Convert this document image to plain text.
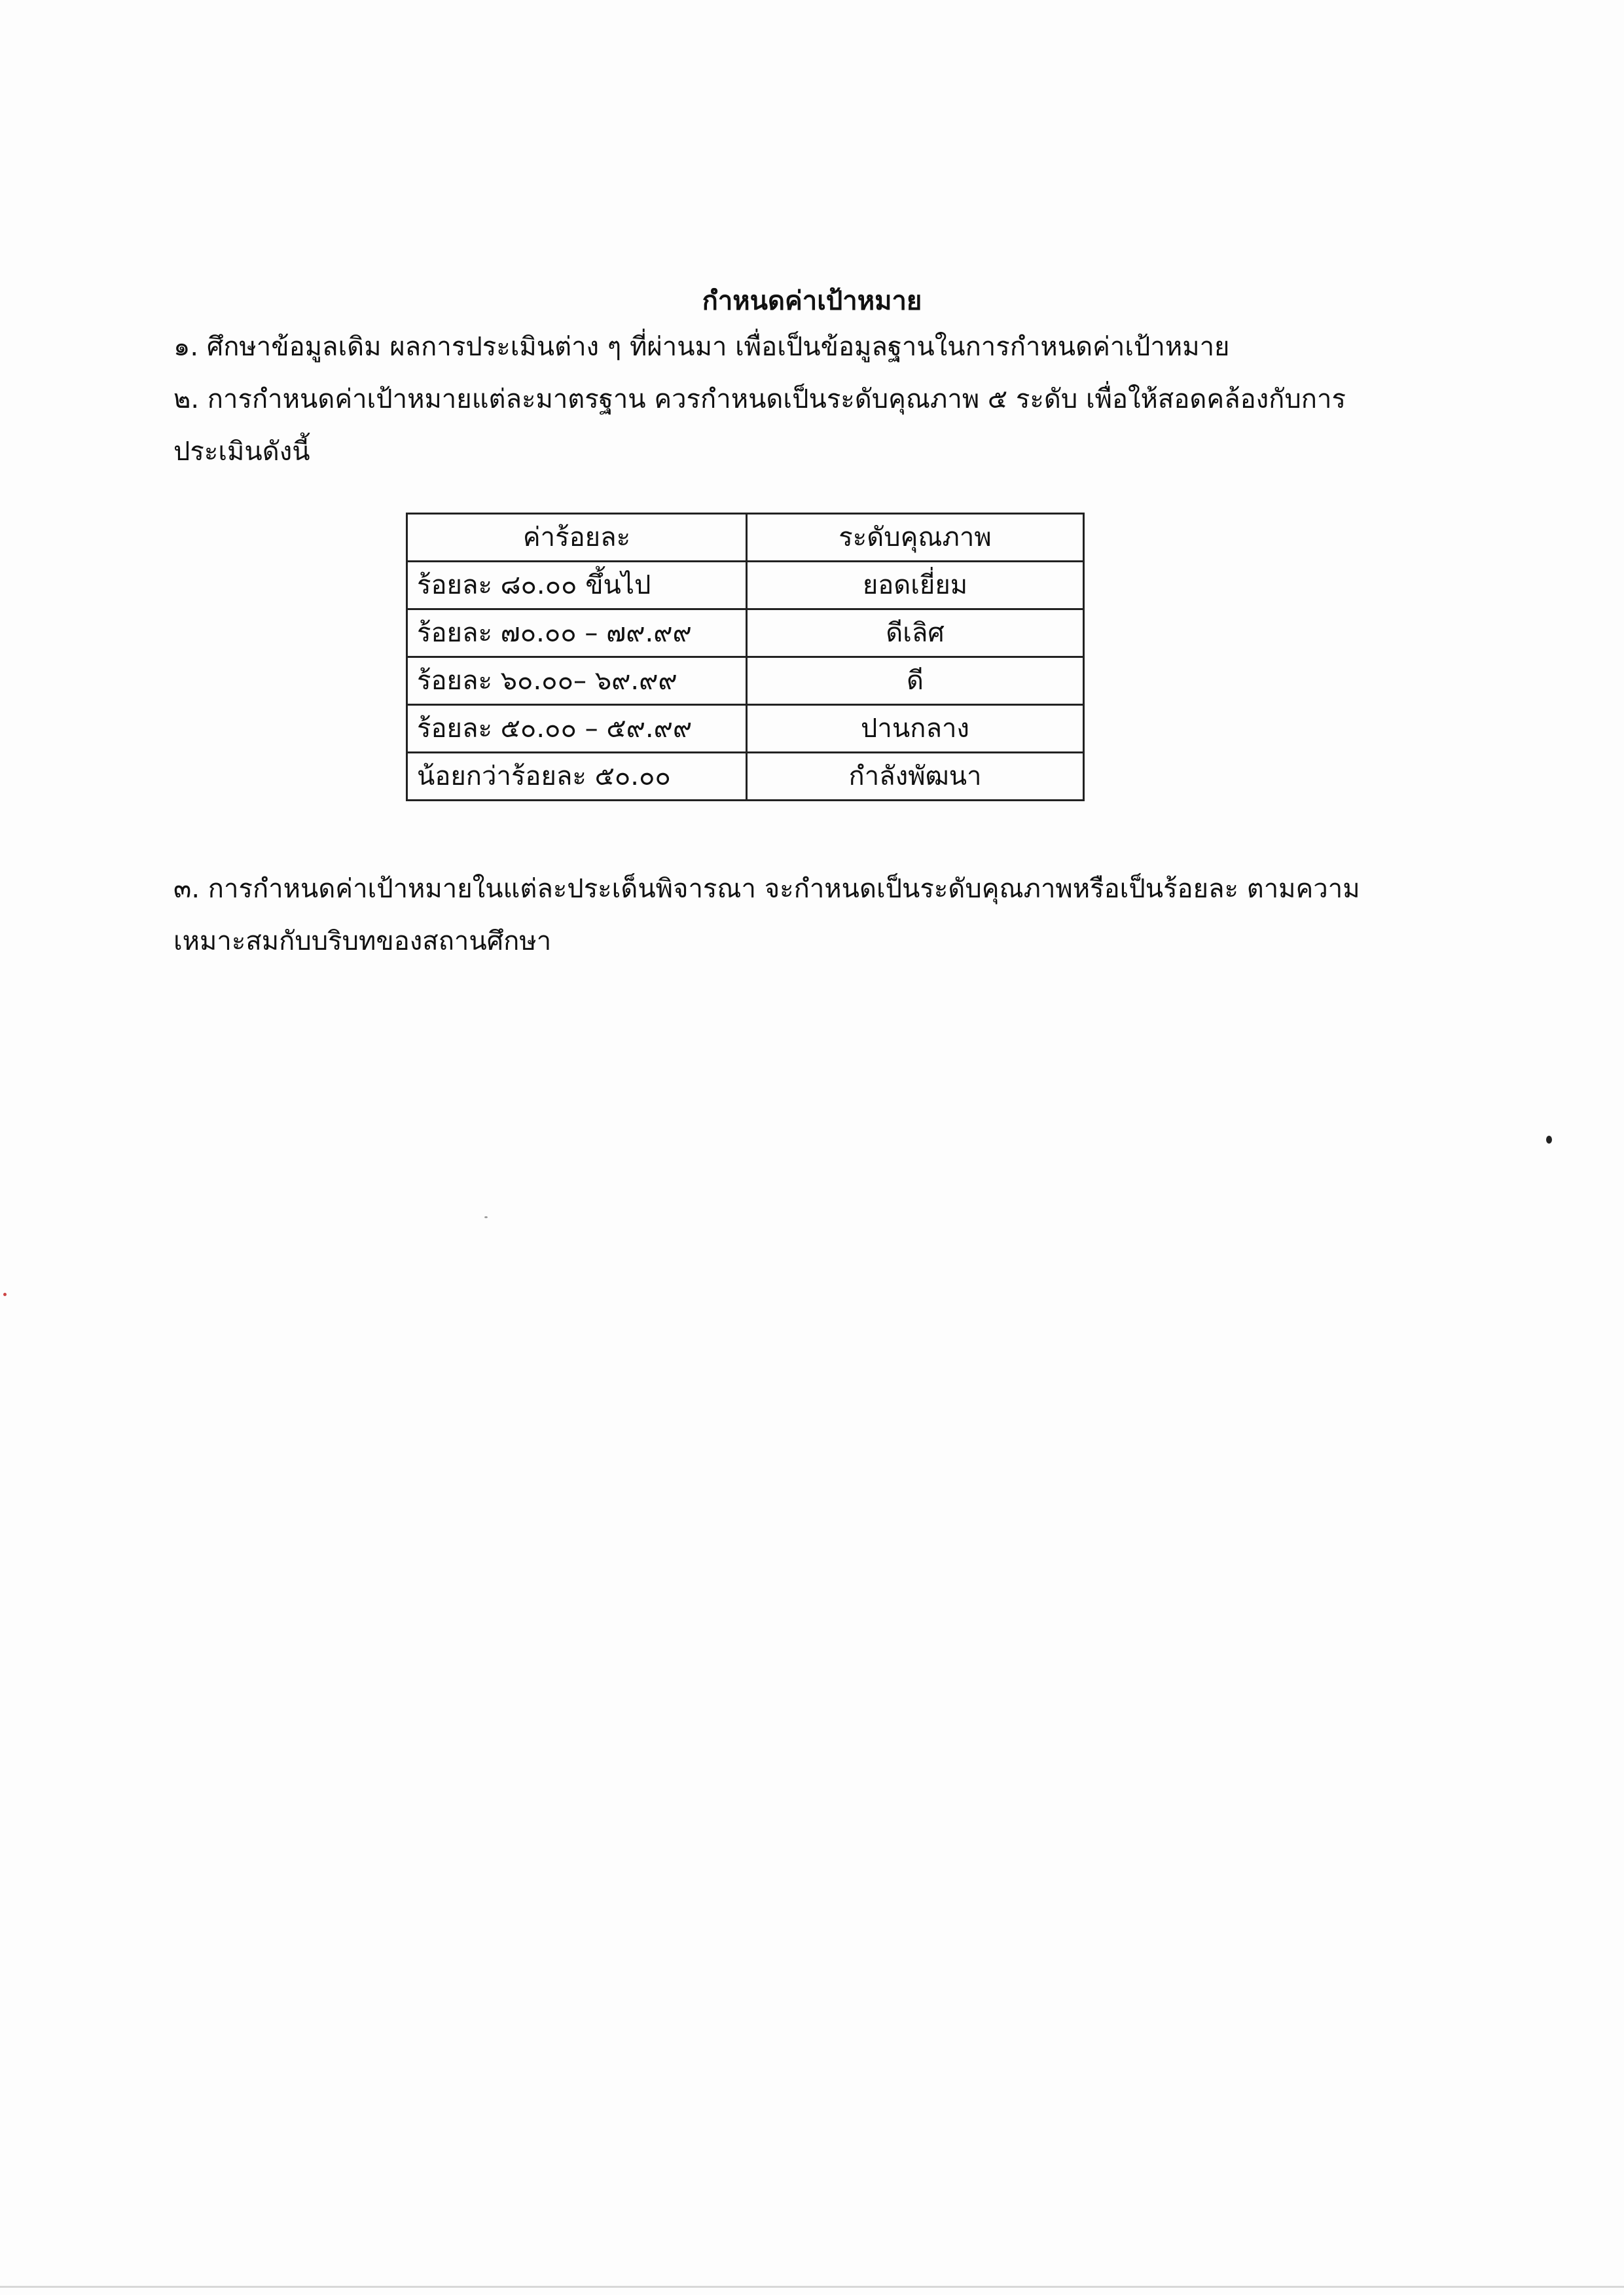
กำหนดค่าเป้าหมาย
๑. ศึกษาข้อมูลเดิม ผลการประเมินต่าง ๆ ที่ผ่านมา เพื่อเป็นข้อมูลฐานในการกำหนดค่าเป้าหมาย
๒. การกำหนดค่าเป้าหมายแต่ละมาตรฐาน ควรกำหนดเป็นระดับคุณภาพ ๕ ระดับ เพื่อให้สอดคล้องกับการ
ประเมินดังนี้
ค่าร้อยละ	ระดับคุณภาพ
ร้อยละ ๘๐.๐๐ ขึ้นไป	ยอดเยี่ยม
ร้อยละ ๗๐.๐๐ – ๗๙.๙๙	ดีเลิศ
ร้อยละ ๖๐.๐๐– ๖๙.๙๙	ดี
ร้อยละ ๕๐.๐๐ – ๕๙.๙๙	ปานกลาง
น้อยกว่าร้อยละ ๕๐.๐๐	กำลังพัฒนา
๓. การกำหนดค่าเป้าหมายในแต่ละประเด็นพิจารณา จะกำหนดเป็นระดับคุณภาพหรือเป็นร้อยละ ตามความ
เหมาะสมกับบริบทของสถานศึกษา
